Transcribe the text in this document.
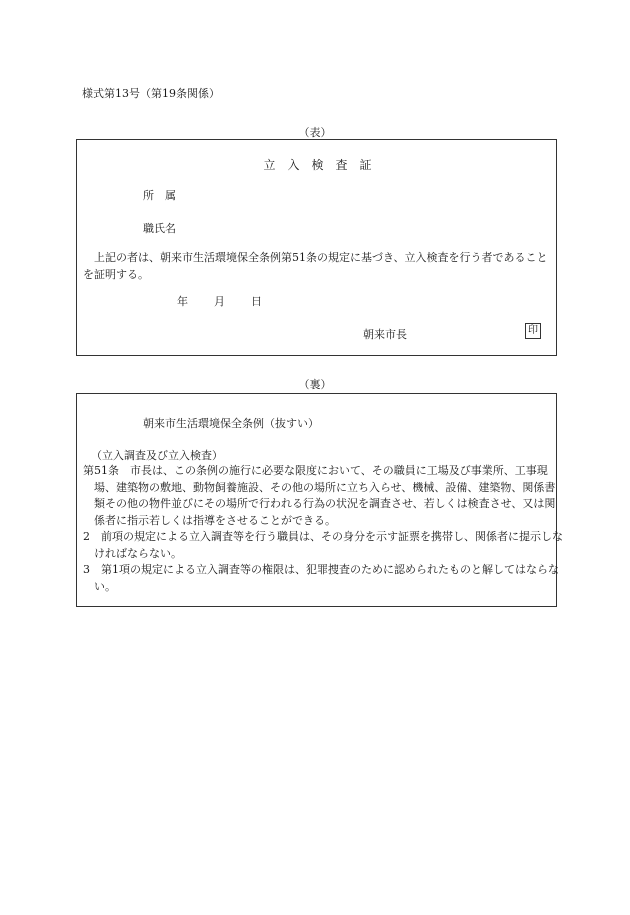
様式第13号（第19条関係）
（表）
立 入 検 査 証
所　属
職氏名
上記の者は、朝来市生活環境保全条例第51条の規定に基づき、立入検査を行う者であることを証明する。
年 月 日
朝来市長	印
（裏）
朝来市生活環境保全条例（抜すい）
（立入調査及び立入検査）
第51条　市長は、この条例の施行に必要な限度において、その職員に工場及び事業所、工事現場、建築物の敷地、動物飼養施設、その他の場所に立ち入らせ、機械、設備、建築物、関係書類その他の物件並びにその場所で行われる行為の状況を調査させ、若しくは検査させ、又は関係者に指示若しくは指導をさせることができる。
2　前項の規定による立入調査等を行う職員は、その身分を示す証票を携帯し、関係者に提示しなければならない。
3　第1項の規定による立入調査等の権限は、犯罪捜査のために認められたものと解してはならない。
